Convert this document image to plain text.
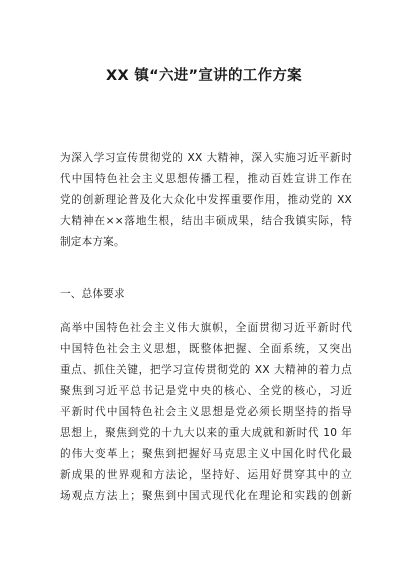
XX 镇“六进”宣讲的工作方案

为深入学习宣传贯彻党的 XX 大精神，深入实施习近平新时
代中国特色社会主义思想传播工程，推动百姓宣讲工作在
党的创新理论普及化大众化中发挥重要作用，推动党的 XX
大精神在××落地生根，结出丰硕成果，结合我镇实际，特
制定本方案。

一、总体要求

高举中国特色社会主义伟大旗帜，全面贯彻习近平新时代
中国特色社会主义思想，既整体把握、全面系统，又突出
重点、抓住关键，把学习宣传贯彻党的 XX 大精神的着力点
聚焦到习近平总书记是党中央的核心、全党的核心，习近
平新时代中国特色社会主义思想是党必须长期坚持的指导
思想上，聚焦到党的十九大以来的重大成就和新时代 10 年
的伟大变革上；聚焦到把握好马克思主义中国化时代化最
新成果的世界观和方法论，坚持好、运用好贯穿其中的立
场观点方法上；聚焦到中国式现代化在理论和实践的创新
